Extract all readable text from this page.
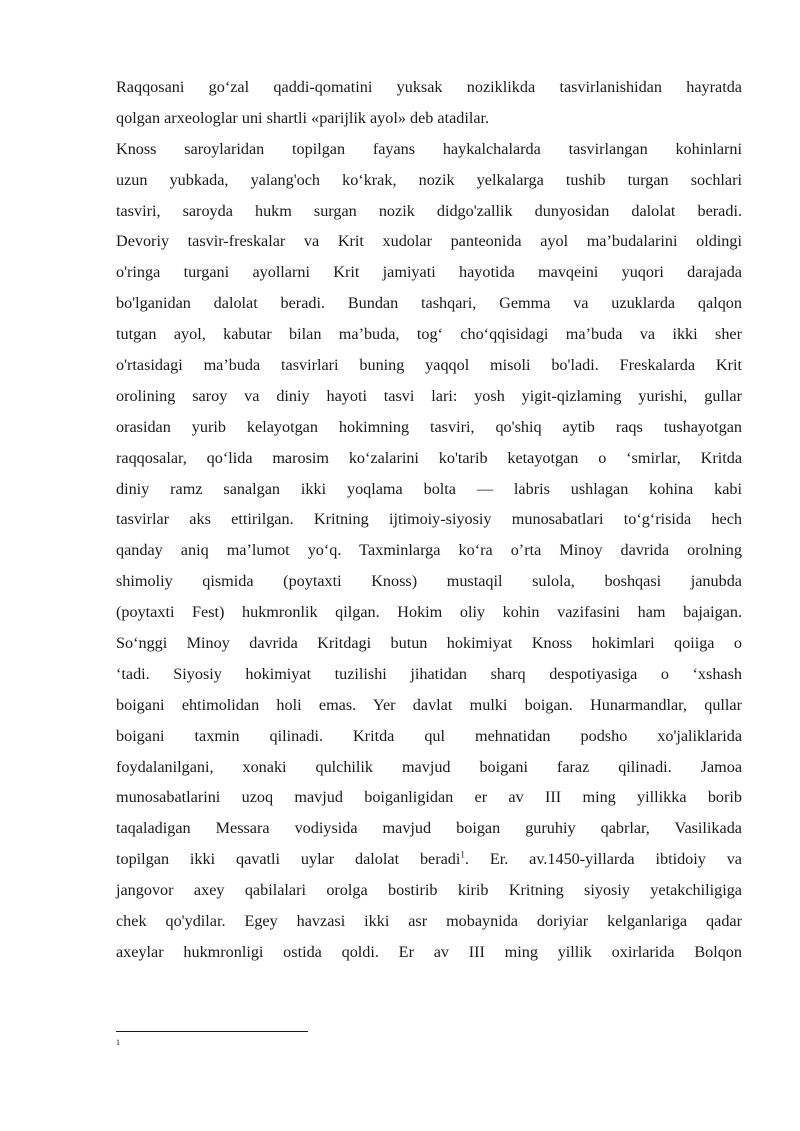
Raqqosani go‘zal qaddi-qomatini yuksak noziklikda tasvirlanishidan hayratda
qolgan arxeologlar uni shartli «parijlik ayol» deb atadilar.
Knoss saroylaridan topilgan fayans haykalchalarda tasvirlangan kohinlarni
uzun yubkada, yalang'och ko‘krak, nozik yelkalarga tushib turgan sochlari
tasviri, saroyda hukm surgan nozik didgo'zallik dunyosidan dalolat beradi.
Devoriy tasvir-freskalar va Krit xudolar panteonida ayol ma’budalarini oldingi
o'ringa turgani ayollarni Krit jamiyati hayotida mavqeini yuqori darajada
bo'lganidan dalolat beradi. Bundan tashqari, Gemma va uzuklarda qalqon
tutgan ayol, kabutar bilan ma’buda, tog‘ cho‘qqisidagi ma’buda va ikki sher
o'rtasidagi ma’buda tasvirlari buning yaqqol misoli bo'ladi. Freskalarda Krit
orolining saroy va diniy hayoti tasvi lari: yosh yigit-qizlaming yurishi, gullar
orasidan yurib kelayotgan hokimning tasviri, qo'shiq aytib raqs tushayotgan
raqqosalar, qo‘lida marosim ko‘zalarini ko'tarib ketayotgan o ‘smirlar, Kritda
diniy ramz sanalgan ikki yoqlama bolta — labris ushlagan kohina kabi
tasvirlar aks ettirilgan. Kritning ijtimoiy-siyosiy munosabatlari to‘g‘risida hech
qanday aniq ma’lumot yo‘q. Taxminlarga ko‘ra o’rta Minoy davrida orolning
shimoliy qismida (poytaxti Knoss) mustaqil sulola, boshqasi janubda
(poytaxti Fest) hukmronlik qilgan. Hokim oliy kohin vazifasini ham bajaigan.
So‘nggi Minoy davrida Kritdagi butun hokimiyat Knoss hokimlari qoiiga o
‘tadi. Siyosiy hokimiyat tuzilishi jihatidan sharq despotiyasiga o ‘xshash
boigani ehtimolidan holi emas. Yer davlat mulki boigan. Hunarmandlar, qullar
boigani taxmin qilinadi. Kritda qul mehnatidan podsho xo'jaliklarida
foydalanilgani, xonaki qulchilik mavjud boigani faraz qilinadi. Jamoa
munosabatlarini uzoq mavjud boiganligidan er av III ming yillikka borib
taqaladigan Messara vodiysida mavjud boigan guruhiy qabrlar, Vasilikada
topilgan ikki qavatli uylar dalolat beradi$^1$. Er. av.1450-yillarda ibtidoiy va
jangovor axey qabilalari orolga bostirib kirib Kritning siyosiy yetakchiligiga
chek qo'ydilar. Egey havzasi ikki asr mobaynida doriyiar kelganlariga qadar
axeylar hukmronligi ostida qoldi. Er av III ming yillik oxirlarida Bolqon
1
